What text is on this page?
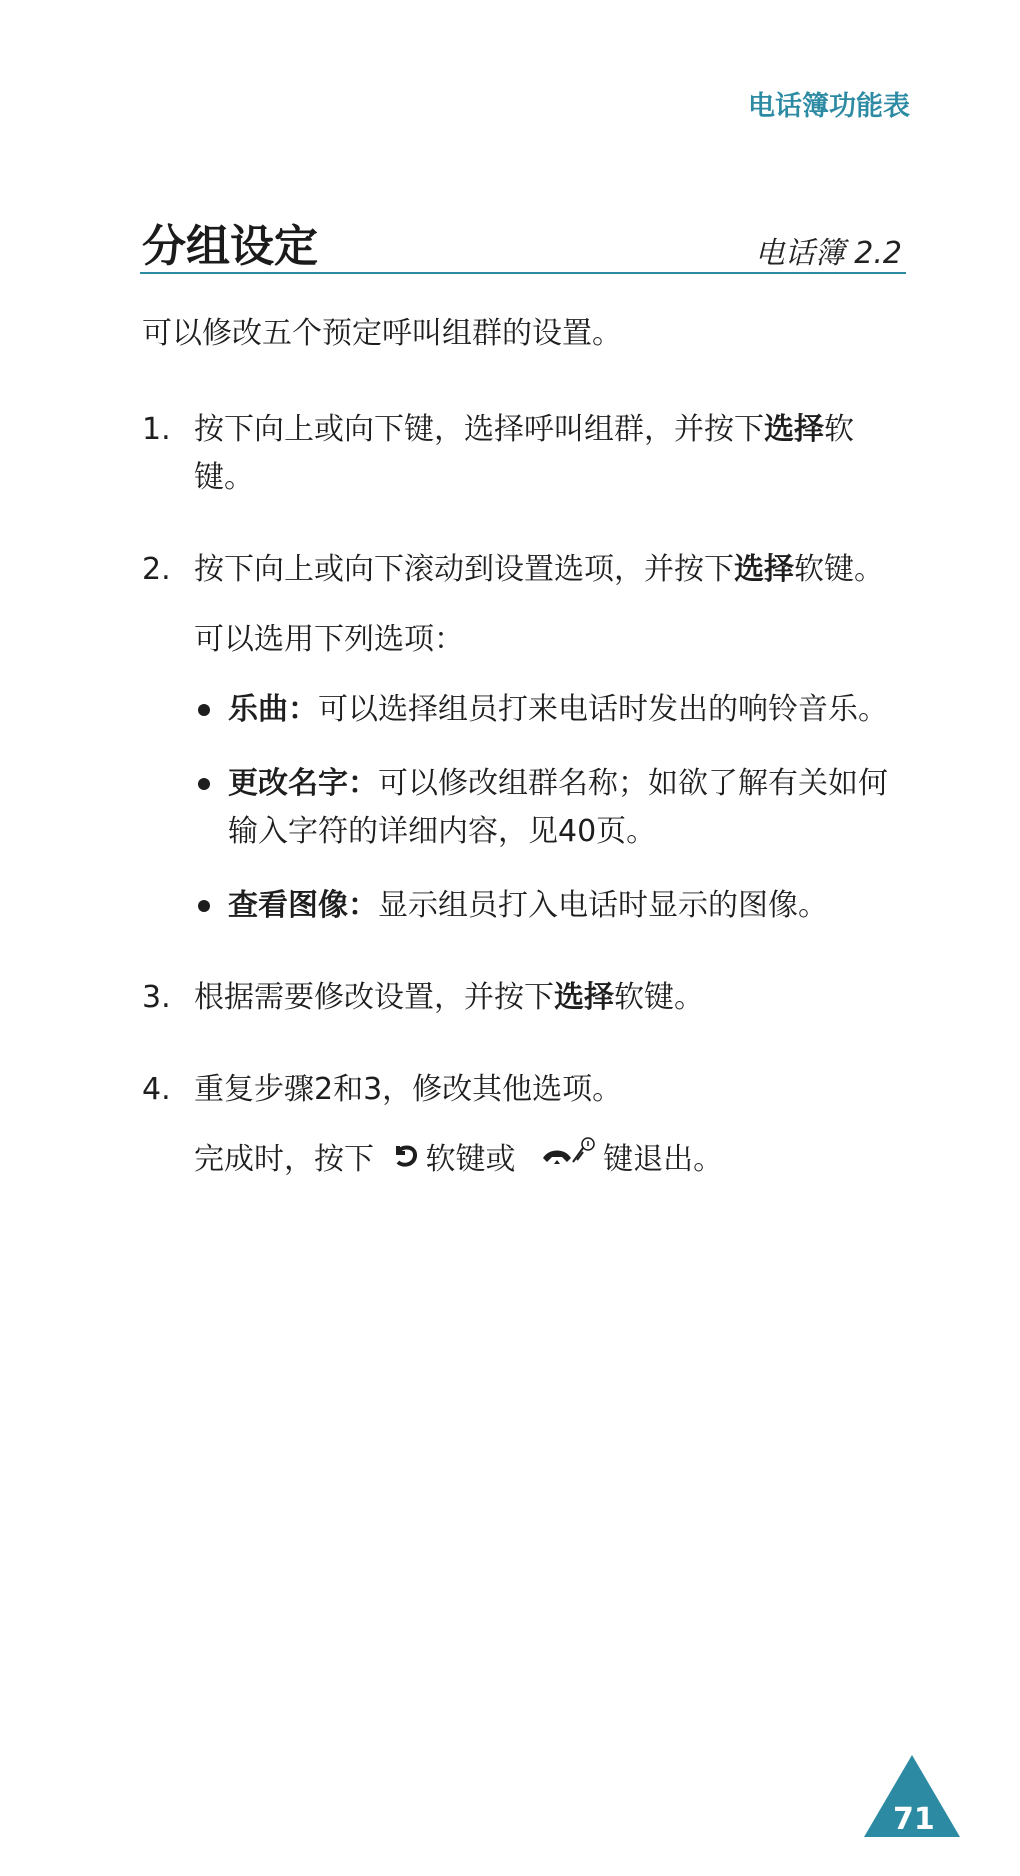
电话簿功能表
分组设定	电话簿 2.2

可以修改五个预定呼叫组群的设置。

1. 按下向上或向下键，选择呼叫组群，并按下选择软键。
2. 按下向上或向下滚动到设置选项，并按下选择软键。

可以选用下列选项：

乐曲：可以选择组员打来电话时发出的响铃音乐。
更改名字：可以修改组群名称；如欲了解有关如何输入字符的详细内容，见40页。
查看图像：显示组员打入电话时显示的图像。
3. 根据需要修改设置，并按下选择软键。
4. 重复步骤2和3，修改其他选项。
完成时，按下 软键或	键退出。
71
